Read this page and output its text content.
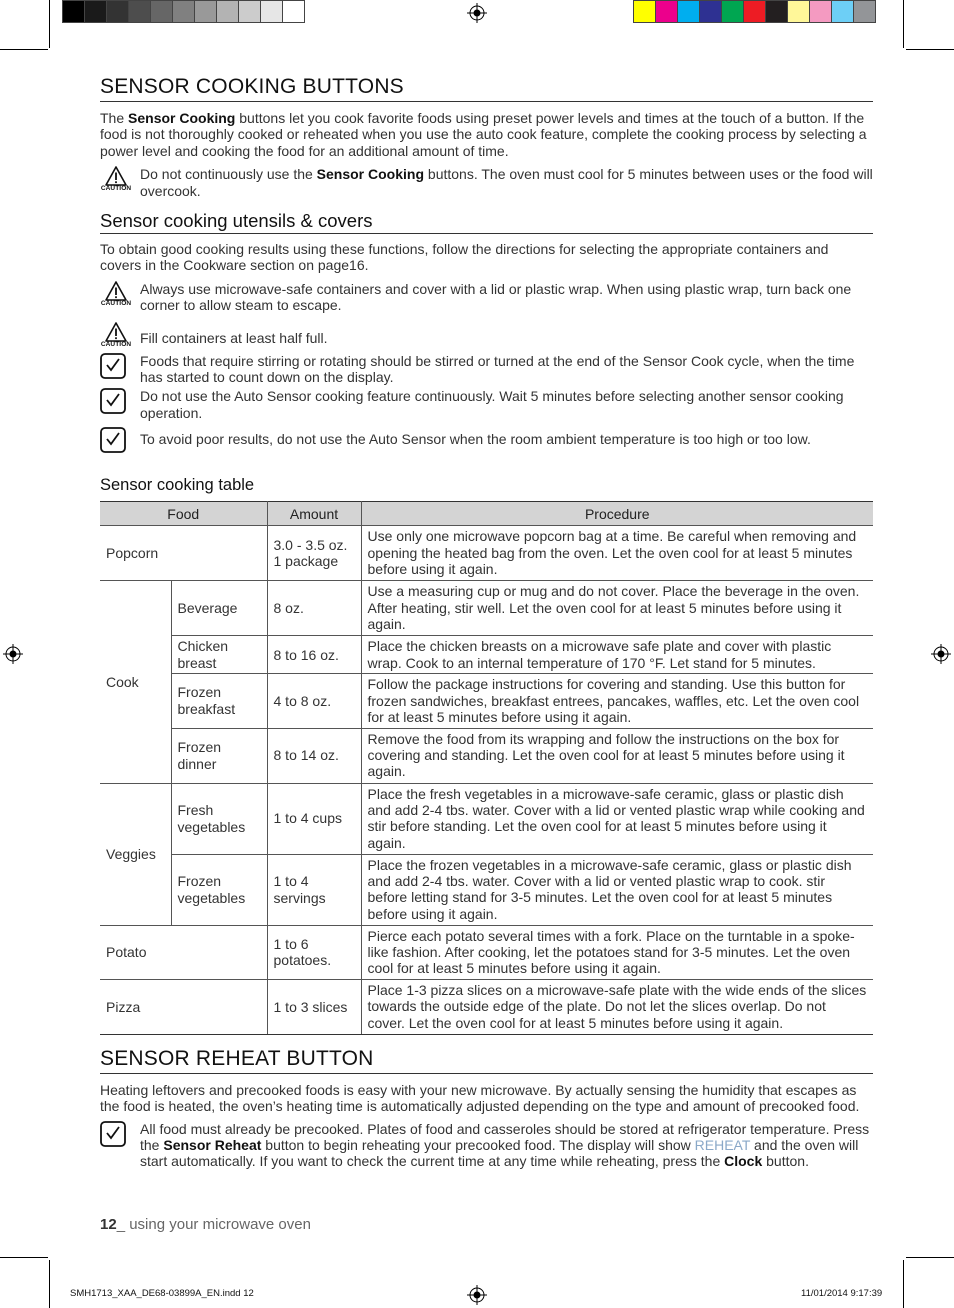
SENSOR COOKING BUTTONS

The Sensor Cooking buttons let you cook favorite foods using preset power levels and times at the touch of a button. If the food is not thoroughly cooked or reheated when you use the auto cook feature, complete the cooking process by selecting a power level and cooking the food for an additional amount of time.

CAUTION
Do not continuously use the Sensor Cooking buttons. The oven must cool for 5 minutes between uses or the food will overcook.
Sensor cooking utensils & covers

To obtain good cooking results using these functions, follow the directions for selecting the appropriate containers and covers in the Cookware section on page16.

CAUTION
Always use microwave-safe containers and cover with a lid or plastic wrap. When using plastic wrap, turn back one corner to allow steam to escape.
CAUTION Fill containers at least half full.
Foods that require stirring or rotating should be stirred or turned at the end of the Sensor Cook cycle, when the time has started to count down on the display.
Do not use the Auto Sensor cooking feature continuously. Wait 5 minutes before selecting another sensor cooking operation.
To avoid poor results, do not use the Auto Sensor when the room ambient temperature is too high or too low.
Sensor cooking table
Food		Amount	Procedure
Popcorn		3.0 - 3.5 oz. 1 package	Use only one microwave popcorn bag at a time. Be careful when removing and opening the heated bag from the oven. Let the oven cool for at least 5 minutes before using it again.
Cook	Beverage	8 oz.	Use a measuring cup or mug and do not cover. Place the beverage in the oven. After heating, stir well. Let the oven cool for at least 5 minutes before using it again.
	Chicken breast	8 to 16 oz.	Place the chicken breasts on a microwave safe plate and cover with plastic wrap. Cook to an internal temperature of 170 °F. Let stand for 5 minutes.
	Frozen breakfast	4 to 8 oz.	Follow the package instructions for covering and standing. Use this button for frozen sandwiches, breakfast entrees, pancakes, waffles, etc. Let the oven cool for at least 5 minutes before using it again.
	Frozen dinner	8 to 14 oz.	Remove the food from its wrapping and follow the instructions on the box for covering and standing. Let the oven cool for at least 5 minutes before using it again.
Veggies	Fresh vegetables	1 to 4 cups	Place the fresh vegetables in a microwave-safe ceramic, glass or plastic dish and add 2-4 tbs. water. Cover with a lid or vented plastic wrap while cooking and stir before standing. Let the oven cool for at least 5 minutes before using it again.
	Frozen vegetables	1 to 4 servings	Place the frozen vegetables in a microwave-safe ceramic, glass or plastic dish and add 2-4 tbs. water. Cover with a lid or vented plastic wrap to cook. stir before letting stand for 3-5 minutes. Let the oven cool for at least 5 minutes before using it again.
Potato		1 to 6 potatoes.	Pierce each potato several times with a fork. Place on the turntable in a spoke-like fashion. After cooking, let the potatoes stand for 3-5 minutes. Let the oven cool for at least 5 minutes before using it again.
Pizza		1 to 3 slices	Place 1-3 pizza slices on a microwave-safe plate with the wide ends of the slices towards the outside edge of the plate. Do not let the slices overlap. Do not cover. Let the oven cool for at least 5 minutes before using it again.
SENSOR REHEAT BUTTON

Heating leftovers and precooked foods is easy with your new microwave. By actually sensing the humidity that escapes as the food is heated, the oven’s heating time is automatically adjusted depending on the type and amount of precooked food.

All food must already be precooked. Plates of food and casseroles should be stored at refrigerator temperature. Press the Sensor Reheat button to begin reheating your precooked food. The display will show REHEAT and the oven will start automatically. If you want to check the current time at any time while reheating, press the Clock button.
12_ using your microwave oven
SMH1713_XAA_DE68-03899A_EN.indd 12	11/01/2014 9:17:39
